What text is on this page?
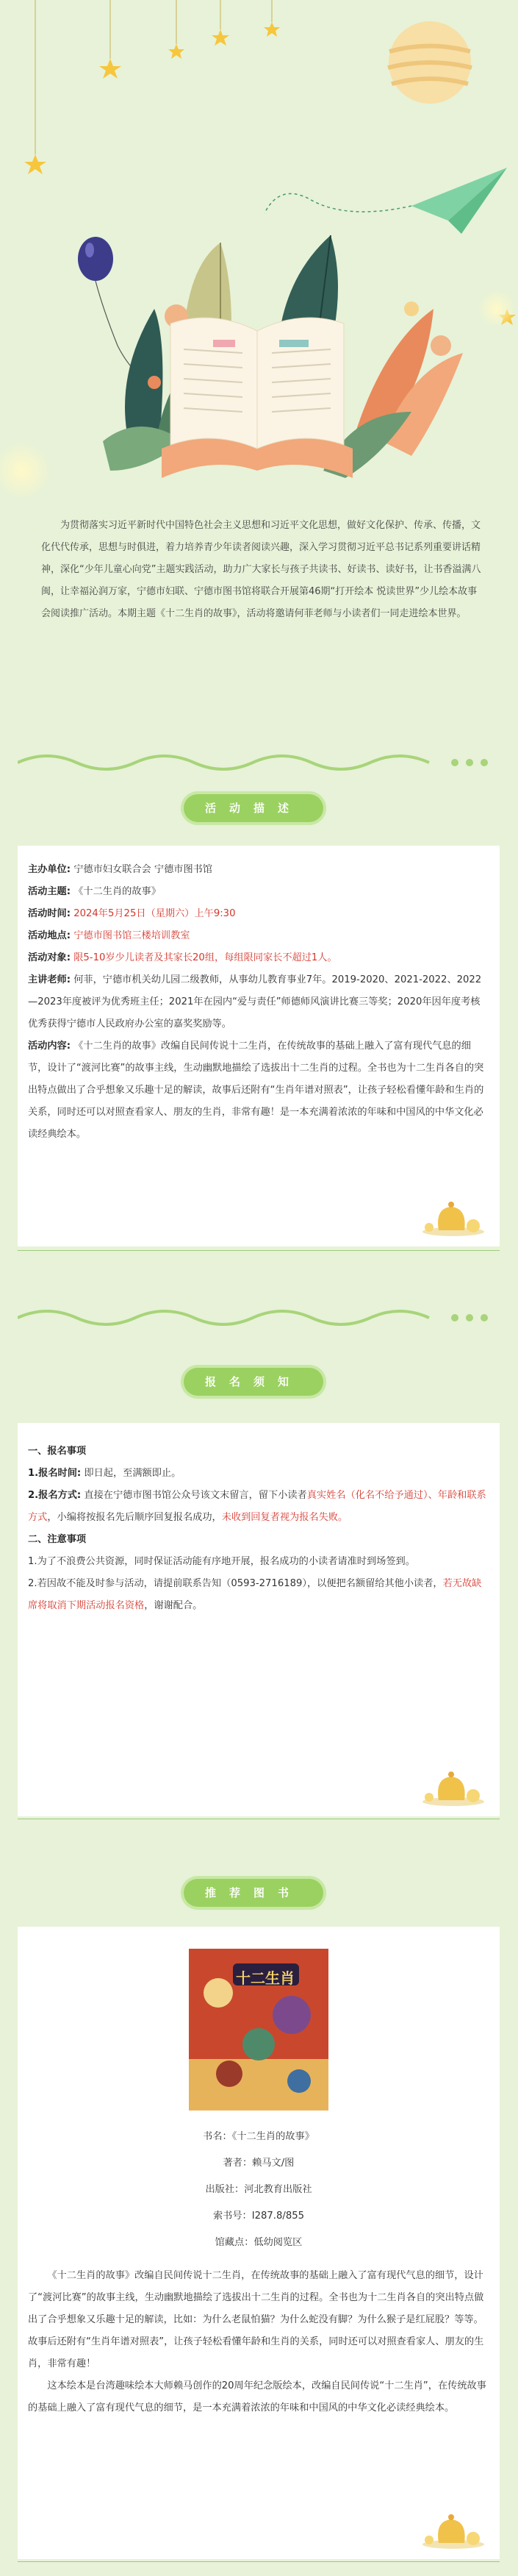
为贯彻落实习近平新时代中国特色社会主义思想和习近平文化思想，做好文化保护、传承、传播，文化代代传承，思想与时俱进，着力培养青少年读者阅读兴趣，深入学习贯彻习近平总书记系列重要讲话精神，深化“少年儿童心向党”主题实践活动，助力广大家长与孩子共读书、好读书、读好书，让书香溢满八闽，让幸福沁润万家，宁德市妇联、宁德市图书馆将联合开展第46期“打开绘本 悦读世界”少儿绘本故事会阅读推广活动。本期主题《十二生肖的故事》，活动将邀请何菲老师与小读者们一同走进绘本世界。
活动描述

主办单位: 宁德市妇女联合会 宁德市图书馆

活动主题: 《十二生肖的故事》

活动时间: 2024年5月25日（星期六）上午9:30

活动地点: 宁德市图书馆三楼培训教室

活动对象: 限5-10岁少儿读者及其家长20组，每组限同家长不超过1人。

主讲老师: 何菲，宁德市机关幼儿园二级教师，从事幼儿教育事业7年。2019-2020、2021-2022、2022—2023年度被评为优秀班主任；2021年在园内“爱与责任”师德师风演讲比赛三等奖；2020年因年度考核优秀获得宁德市人民政府办公室的嘉奖奖励等。

活动内容: 《十二生肖的故事》改编自民间传说十二生肖，在传统故事的基础上融入了富有现代气息的细节，设计了“渡河比赛”的故事主线，生动幽默地描绘了选拔出十二生肖的过程。全书也为十二生肖各自的突出特点做出了合乎想象又乐趣十足的解读，故事后还附有“生肖年谱对照表”，让孩子轻松看懂年龄和生肖的关系，同时还可以对照查看家人、朋友的生肖，非常有趣！是一本充满着浓浓的年味和中国风的中华文化必读经典绘本。

报名须知

一、报名事项

1.报名时间: 即日起，至满额即止。

2.报名方式: 直接在宁德市图书馆公众号该文末留言，留下小读者真实姓名（化名不给予通过）、年龄和联系方式，小编将按报名先后顺序回复报名成功，未收到回复者视为报名失败。

二、注意事项

1.为了不浪费公共资源，同时保证活动能有序地开展，报名成功的小读者请准时到场签到。

2.若因故不能及时参与活动，请提前联系告知（0593-2716189），以便把名额留给其他小读者，若无故缺席将取消下期活动报名资格，谢谢配合。

推荐图书
十二生肖

书名：《十二生肖的故事》

著者：赖马文/图

出版社：河北教育出版社

索书号：I287.8/855

馆藏点：低幼阅览区

《十二生肖的故事》改编自民间传说十二生肖，在传统故事的基础上融入了富有现代气息的细节，设计了“渡河比赛”的故事主线，生动幽默地描绘了选拔出十二生肖的过程。全书也为十二生肖各自的突出特点做出了合乎想象又乐趣十足的解读，比如：为什么老鼠怕猫？为什么蛇没有脚？为什么猴子是红屁股？等等。故事后还附有“生肖年谱对照表”，让孩子轻松看懂年龄和生肖的关系，同时还可以对照查看家人、朋友的生肖，非常有趣！

这本绘本是台湾趣味绘本大师赖马创作的20周年纪念版绘本，改编自民间传说“十二生肖”，在传统故事的基础上融入了富有现代气息的细节，是一本充满着浓浓的年味和中国风的中华文化必读经典绘本。
